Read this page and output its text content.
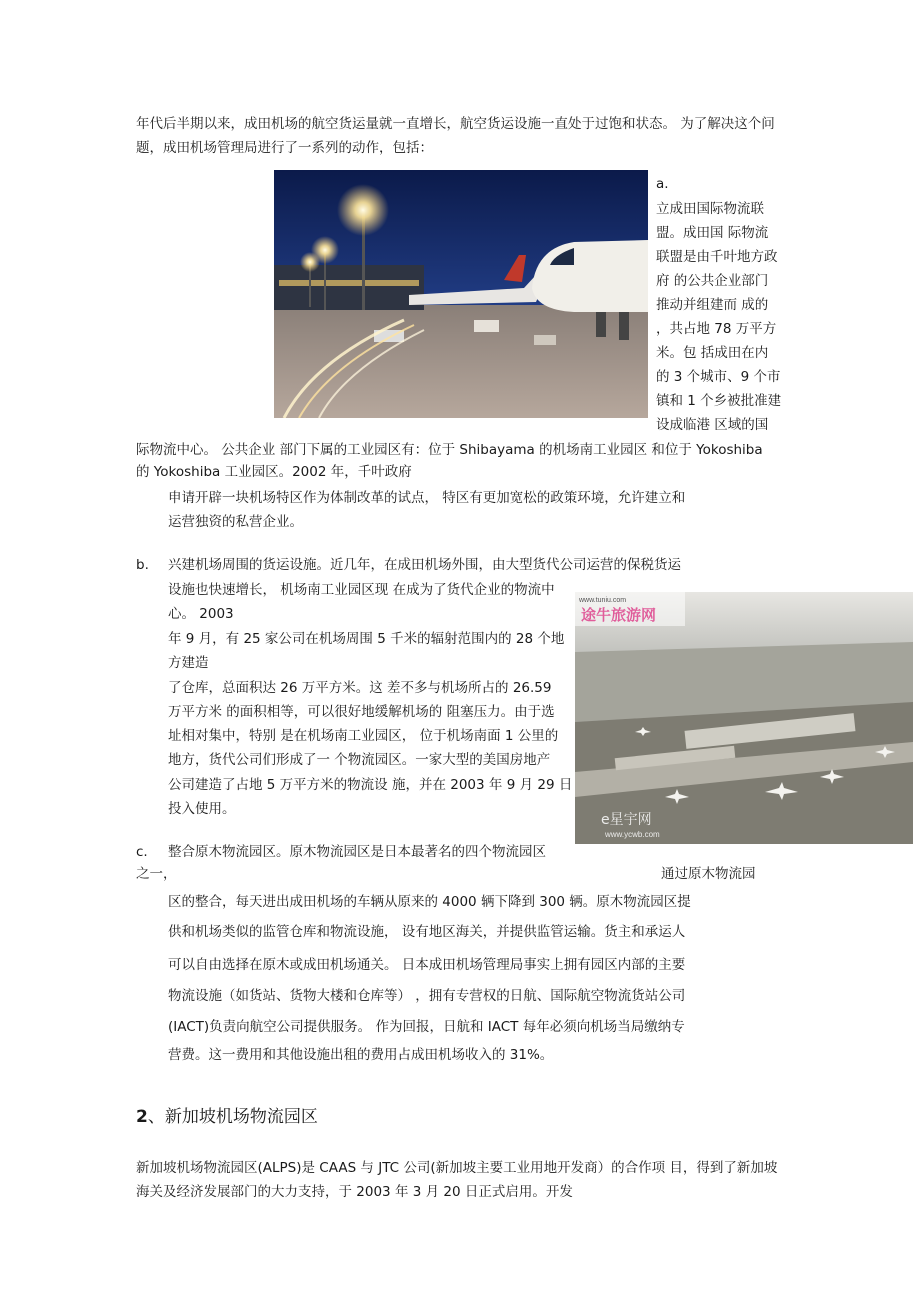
年代后半期以来，成田机场的航空货运量就一直增长，航空货运设施一直处于过饱和状态。 为了解决这个问
题，成田机场管理局进行了一系列的动作，包括：
a.
立成田国际物流联
盟。成田国 际物流
联盟是由千叶地方政
府 的公共企业部门
推动并组建而 成的
，共占地 78 万平方
米。包 括成田在内
的 3 个城市、9 个市
镇和 1 个乡被批准建
设成临港 区域的国
际物流中心。 公共企业 部门下属的工业园区有：位于 Shibayama 的机场南工业园区 和位于 Yokoshiba
的 Yokoshiba 工业园区。2002 年，千叶政府
申请开辟一块机场特区作为体制改革的试点， 特区有更加宽松的政策环境，允许建立和
运营独资的私营企业。
b. 兴建机场周围的货运设施。近几年，在成田机场外围，由大型货代公司运营的保税货运
设施也快速增长， 机场南工业园区现 在成为了货代企业的物流中
心。 2003
年 9 月，有 25 家公司在机场周围 5 千米的辐射范围内的 28 个地
方建造
了仓库，总面积达 26 万平方米。这 差不多与机场所占的 26.59
万平方米 的面积相等，可以很好地缓解机场的 阻塞压力。由于选
址相对集中，特别 是在机场南工业园区， 位于机场南面 1 公里的
地方，货代公司们形成了一 个物流园区。一家大型的美国房地产
公司建造了占地 5 万平方米的物流设 施，并在 2003 年 9 月 29 日
投入使用。
www.tuniu.com
途牛旅游网
e星宇网
www.ycwb.com
c. 整合原木物流园区。原木物流园区是日本最著名的四个物流园区
之一，	通过原木物流园
区的整合，每天进出成田机场的车辆从原来的 4000 辆下降到 300 辆。原木物流园区提
供和机场类似的监管仓库和物流设施， 设有地区海关，并提供监管运输。货主和承运人
可以自由选择在原木或成田机场通关。 日本成田机场管理局事实上拥有园区内部的主要
物流设施（如货站、货物大楼和仓库等） ，拥有专营权的日航、国际航空物流货站公司
(IACT)负责向航空公司提供服务。 作为回报，日航和 IACT 每年必须向机场当局缴纳专
营费。这一费用和其他设施出租的费用占成田机场收入的 31%。
2、新加坡机场物流园区
新加坡机场物流园区(ALPS)是 CAAS 与 JTC 公司(新加坡主要工业用地开发商）的合作项 目，得到了新加坡
海关及经济发展部门的大力支持，于 2003 年 3 月 20 日正式启用。开发
